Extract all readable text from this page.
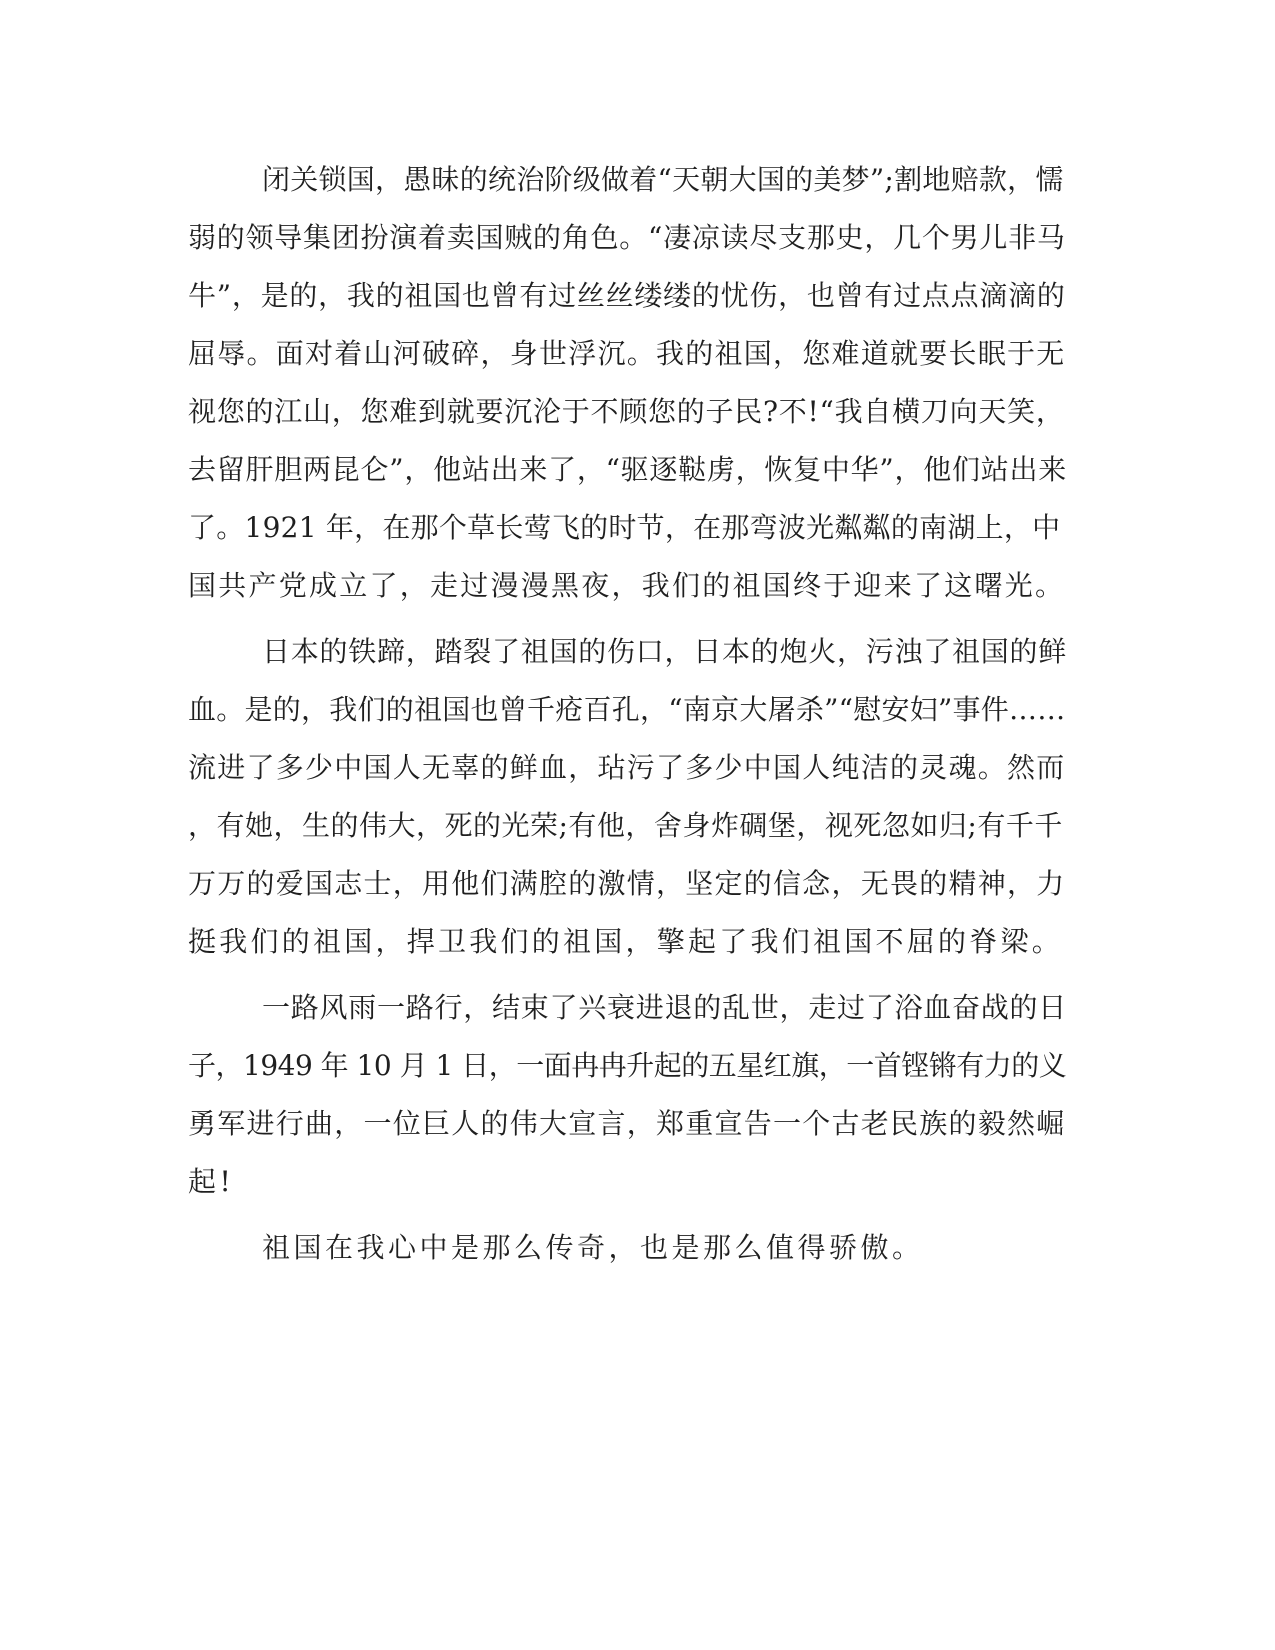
闭关锁国，愚昧的统治阶级做着“天朝大国的美梦”;割地赔款，懦
弱的领导集团扮演着卖国贼的角色。“凄凉读尽支那史，几个男儿非马
牛”，是的，我的祖国也曾有过丝丝缕缕的忧伤，也曾有过点点滴滴的
屈辱。面对着山河破碎，身世浮沉。我的祖国，您难道就要长眠于无
视您的江山，您难到就要沉沦于不顾您的子民?不!“我自横刀向天笑，
去留肝胆两昆仑”，他站出来了，“驱逐鞑虏，恢复中华”，他们站出来
了。1921 年，在那个草长莺飞的时节，在那弯波光粼粼的南湖上，中
国共产党成立了，走过漫漫黑夜，我们的祖国终于迎来了这曙光。
日本的铁蹄，踏裂了祖国的伤口，日本的炮火，污浊了祖国的鲜
血。是的，我们的祖国也曾千疮百孔，“南京大屠杀”“慰安妇”事件……
流进了多少中国人无辜的鲜血，玷污了多少中国人纯洁的灵魂。然而
，有她，生的伟大，死的光荣;有他，舍身炸碉堡，视死忽如归;有千千
万万的爱国志士，用他们满腔的激情，坚定的信念，无畏的精神，力
挺我们的祖国，捍卫我们的祖国，擎起了我们祖国不屈的脊梁。
一路风雨一路行，结束了兴衰进退的乱世，走过了浴血奋战的日
子，1949 年 10 月 1 日，一面冉冉升起的五星红旗，一首铿锵有力的义
勇军进行曲，一位巨人的伟大宣言，郑重宣告一个古老民族的毅然崛
起!
祖国在我心中是那么传奇，也是那么值得骄傲。
